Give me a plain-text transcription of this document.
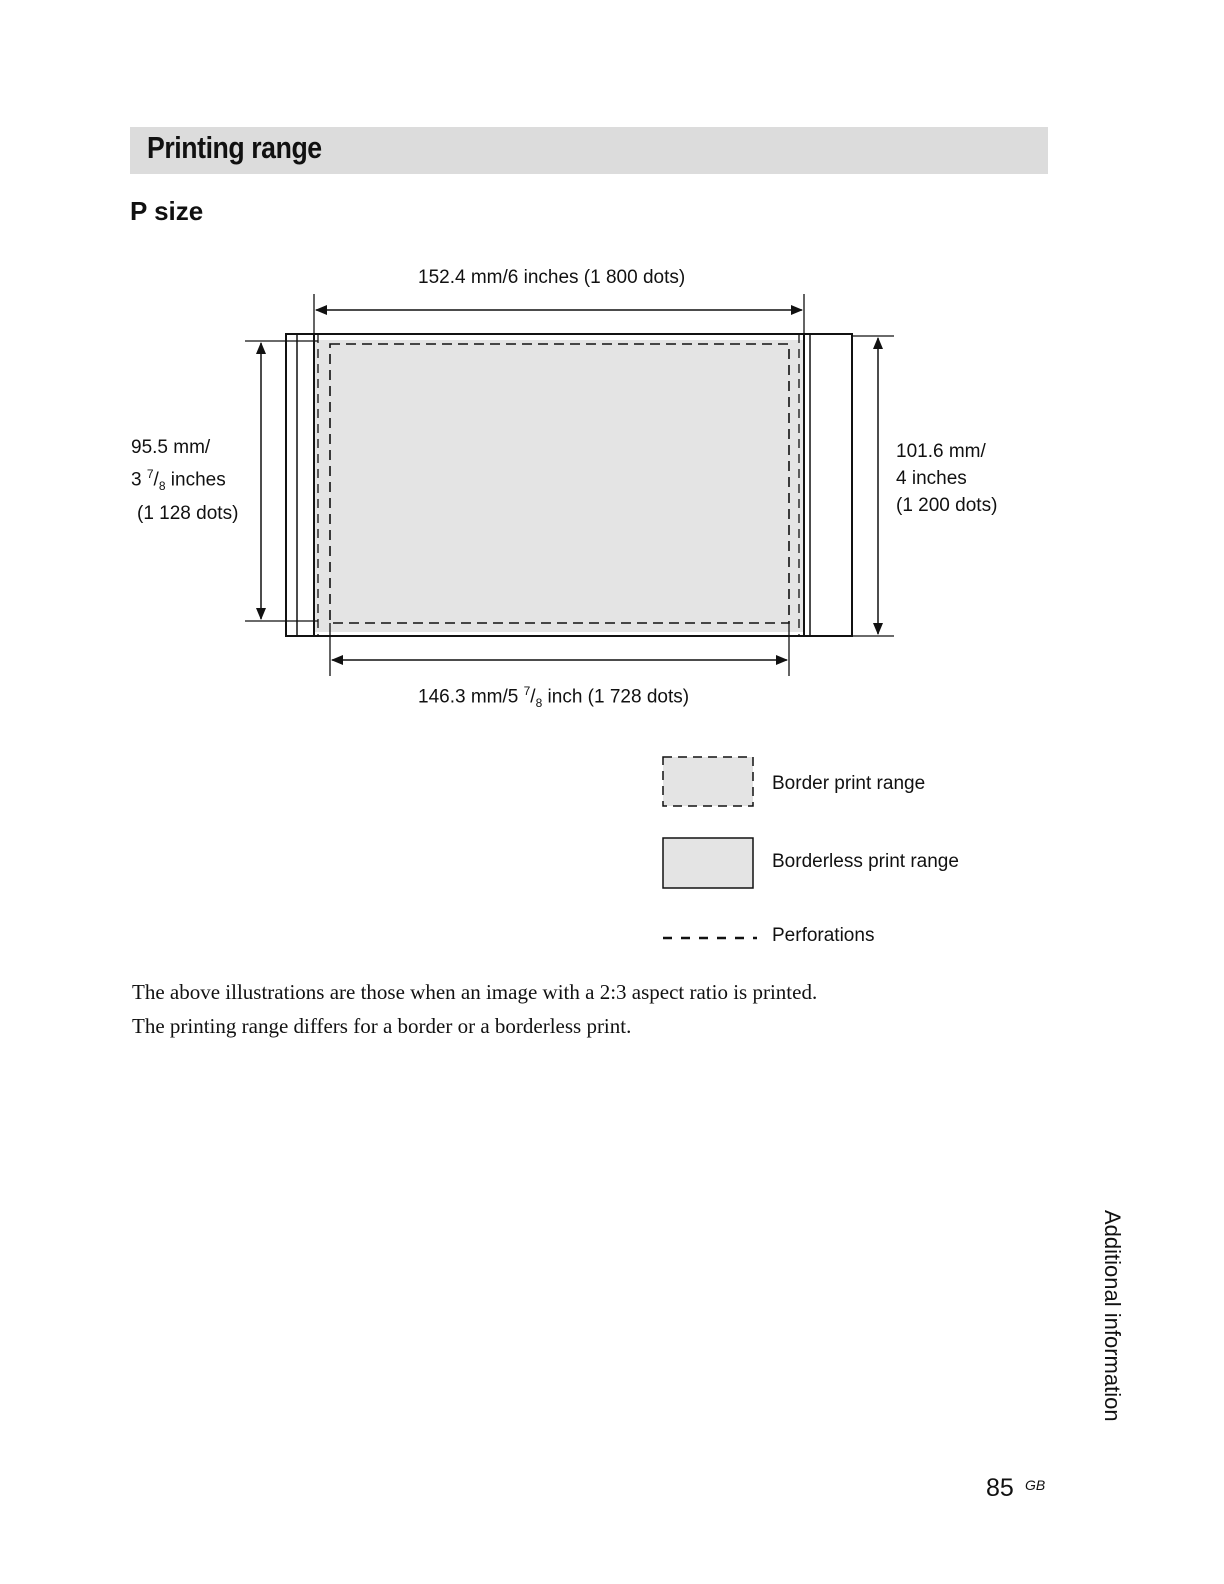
Printing range
P size
152.4 mm/6 inches (1 800 dots)
146.3 mm/5 $^7/_8$ inch (1 728 dots)
95.5 mm/
3 $^7/_8$ inches
(1 128 dots)
101.6 mm/
4 inches
(1 200 dots)
Border print range
Borderless print range
Perforations
The above illustrations are those when an image with a 2:3 aspect ratio is printed.
The printing range differs for a border or a borderless print.
Additional information
85 GB
